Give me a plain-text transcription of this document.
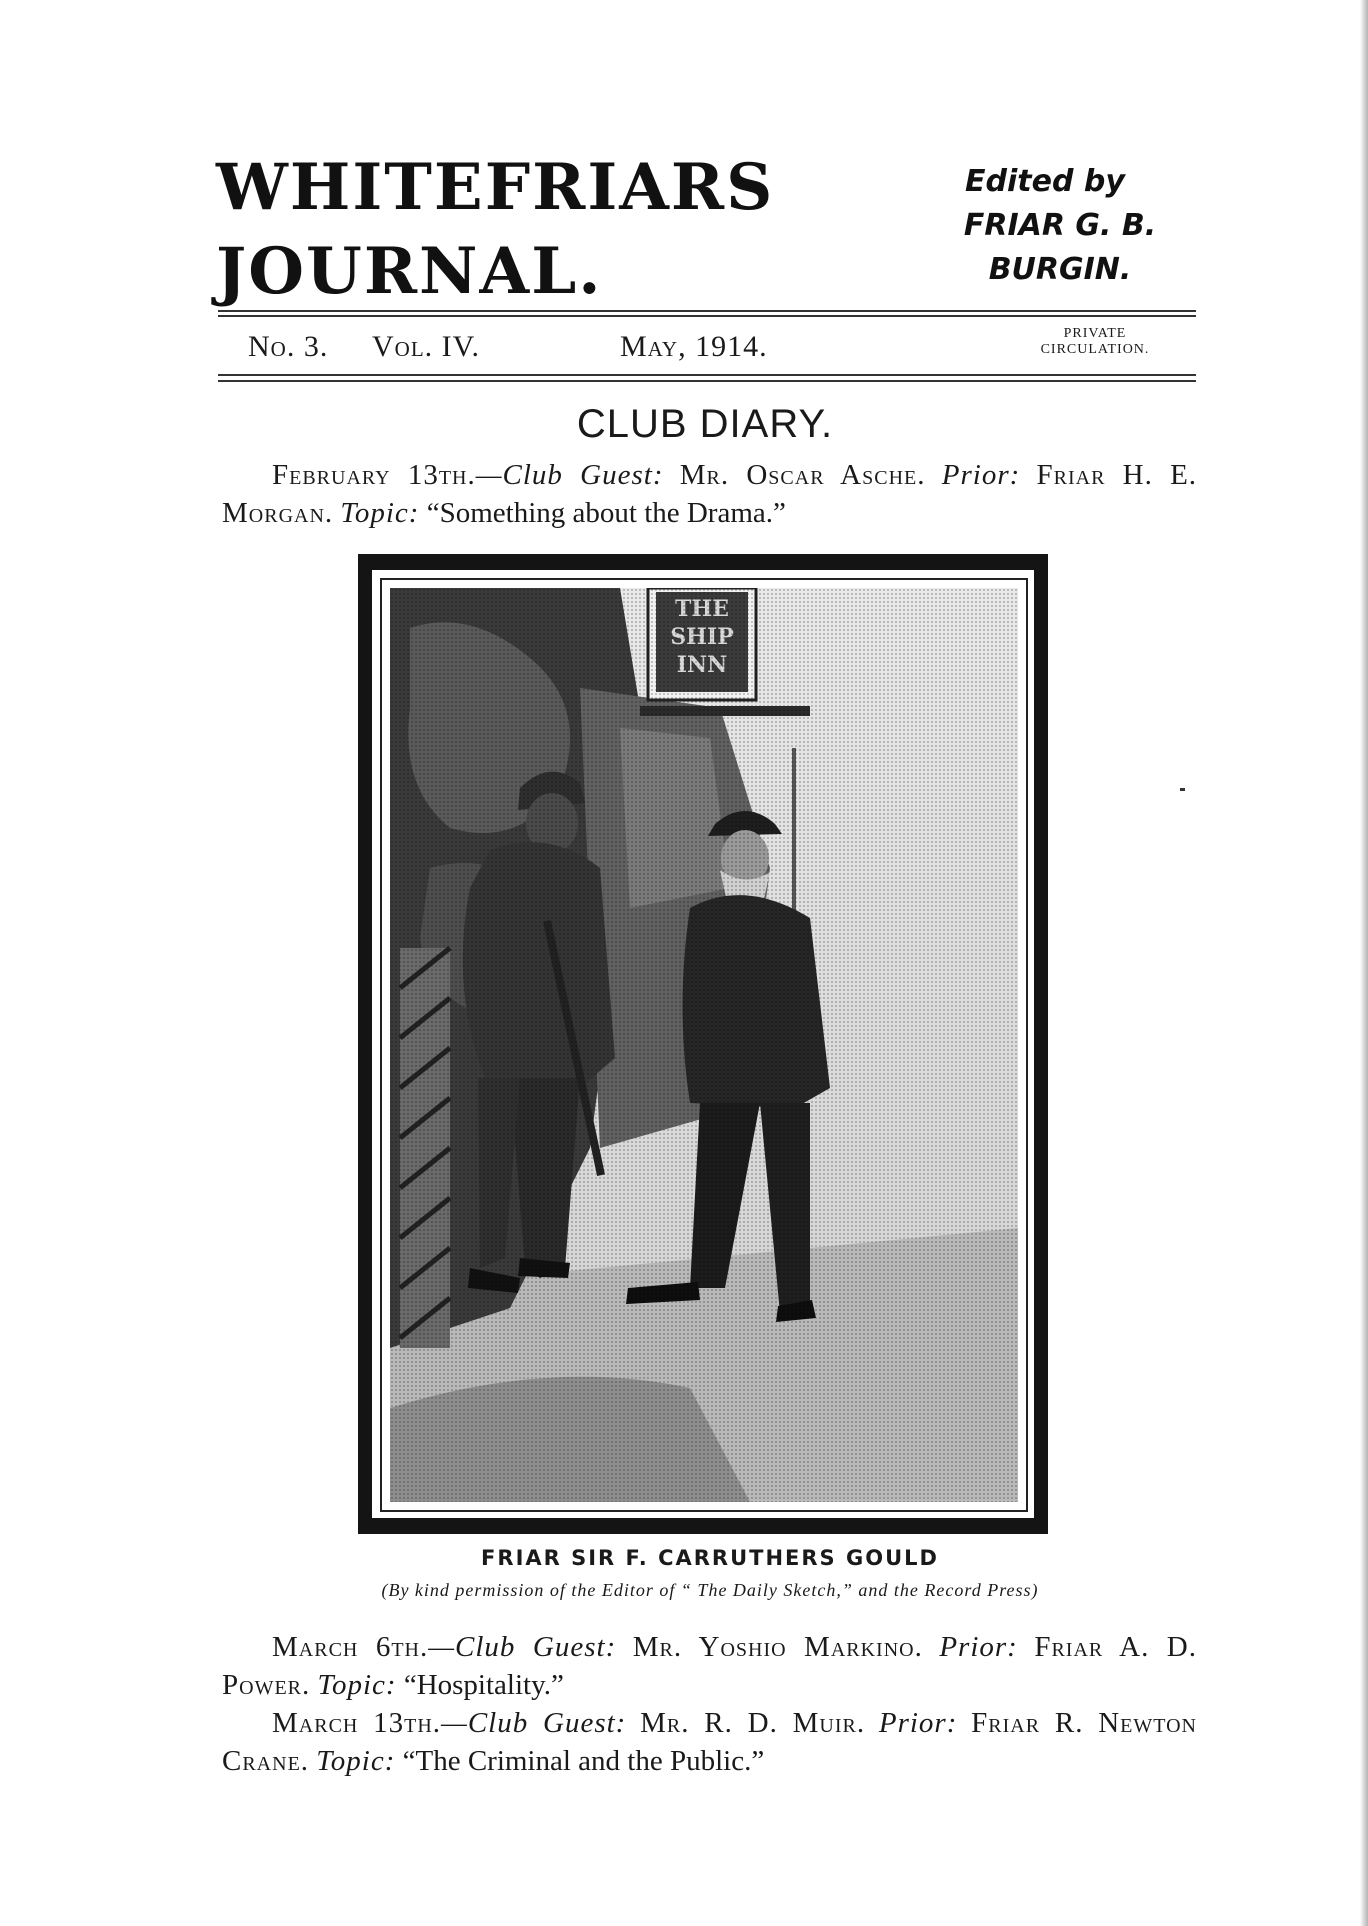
WHITEFRIARS
JOURNAL.
Edited by
FRIAR G. B.
BURGIN.
No. 3. Vol. IV.	May, 1914.	PRIVATE
CIRCULATION.
CLUB DIARY.

February 13th.—Club Guest: Mr. Oscar Asche. Prior: Friar H. E. Morgan. Topic: “Something about the Drama.”

FRIAR SIR F. CARRUTHERS GOULD
(By kind permission of the Editor of “ The Daily Sketch,” and the Record Press)

March 6th.—Club Guest: Mr. Yoshio Markino. Prior: Friar A. D. Power. Topic: “Hospitality.”

March 13th.—Club Guest: Mr. R. D. Muir. Prior: Friar R. Newton Crane. Topic: “The Criminal and the Public.”
